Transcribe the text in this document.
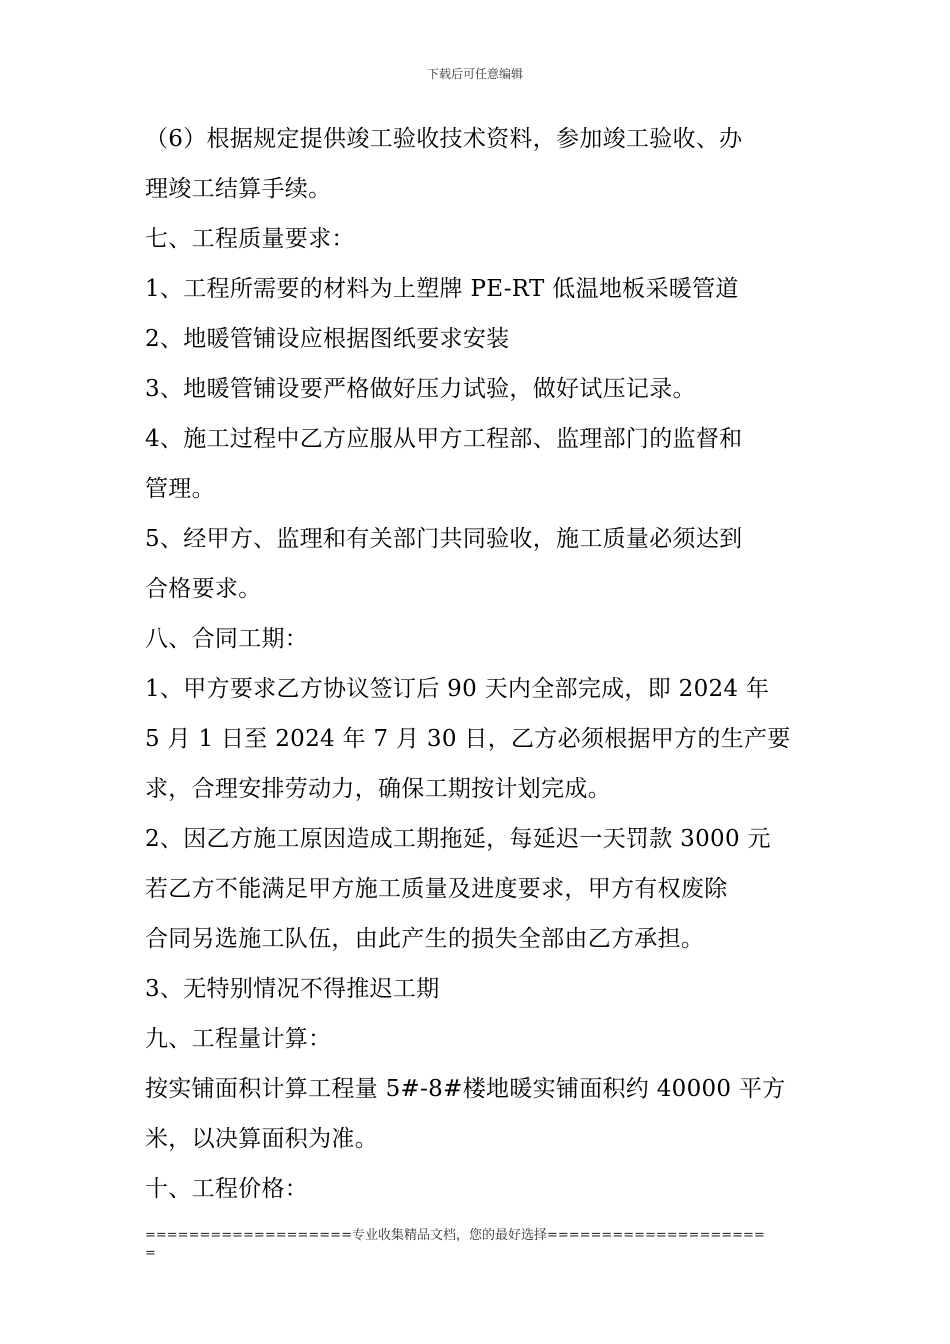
下载后可任意编辑

（6）根据规定提供竣工验收技术资料，参加竣工验收、办

理竣工结算手续。

七、工程质量要求：

1、工程所需要的材料为上塑牌 PE-RT 低温地板采暖管道

2、地暖管铺设应根据图纸要求安装

3、地暖管铺设要严格做好压力试验，做好试压记录。

4、施工过程中乙方应服从甲方工程部、监理部门的监督和

管理。

5、经甲方、监理和有关部门共同验收，施工质量必须达到

合格要求。

八、合同工期：

1、甲方要求乙方协议签订后 90 天内全部完成，即 2024 年

5 月 1 日至 2024 年 7 月 30 日，乙方必须根据甲方的生产要

求，合理安排劳动力，确保工期按计划完成。

2、因乙方施工原因造成工期拖延，每延迟一天罚款 3000 元

若乙方不能满足甲方施工质量及进度要求，甲方有权废除

合同另选施工队伍，由此产生的损失全部由乙方承担。

3、无特别情况不得推迟工期

九、工程量计算：

按实铺面积计算工程量 5#-8#楼地暖实铺面积约 40000 平方

米，以决算面积为准。

十、工程价格：

===================专业收集精品文档，您的最好选择====================
=
